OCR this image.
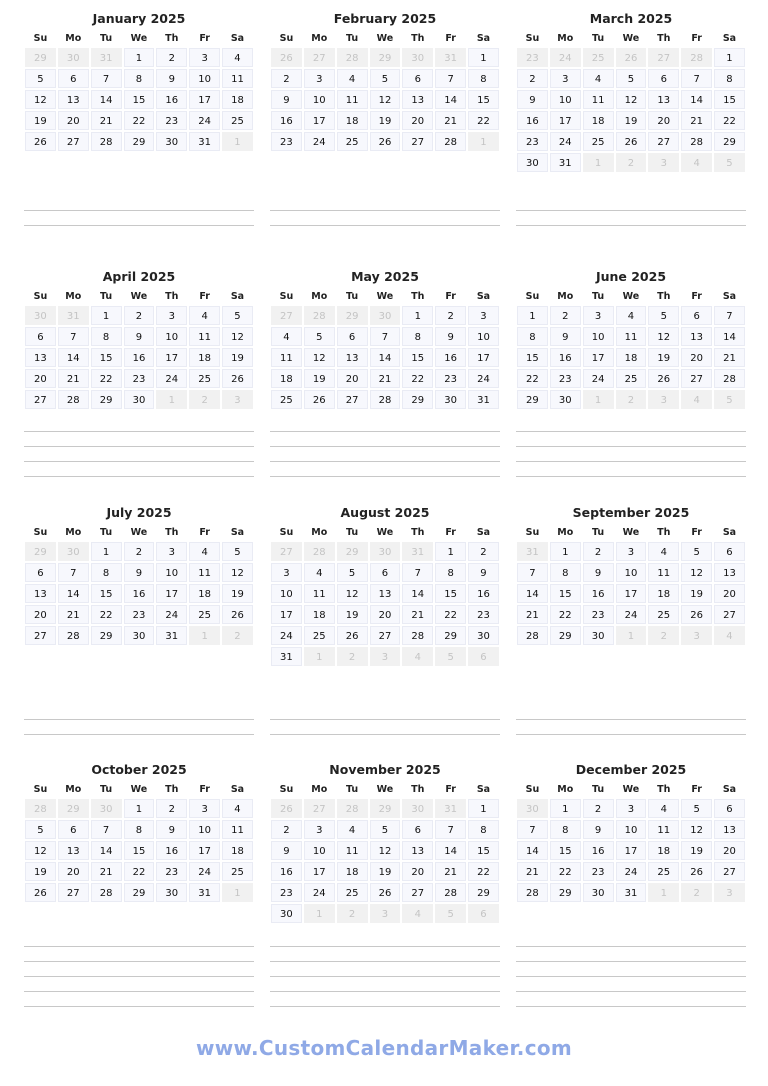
January 2025
Su	Mo	Tu	We	Th	Fr	Sa
29	30	31	1	2	3	4
5	6	7	8	9	10	11
12	13	14	15	16	17	18
19	20	21	22	23	24	25
26	27	28	29	30	31	1
February 2025
Su	Mo	Tu	We	Th	Fr	Sa
26	27	28	29	30	31	1
2	3	4	5	6	7	8
9	10	11	12	13	14	15
16	17	18	19	20	21	22
23	24	25	26	27	28	1
March 2025
Su	Mo	Tu	We	Th	Fr	Sa
23	24	25	26	27	28	1
2	3	4	5	6	7	8
9	10	11	12	13	14	15
16	17	18	19	20	21	22
23	24	25	26	27	28	29
30	31	1	2	3	4	5
April 2025
Su	Mo	Tu	We	Th	Fr	Sa
30	31	1	2	3	4	5
6	7	8	9	10	11	12
13	14	15	16	17	18	19
20	21	22	23	24	25	26
27	28	29	30	1	2	3
May 2025
Su	Mo	Tu	We	Th	Fr	Sa
27	28	29	30	1	2	3
4	5	6	7	8	9	10
11	12	13	14	15	16	17
18	19	20	21	22	23	24
25	26	27	28	29	30	31
June 2025
Su	Mo	Tu	We	Th	Fr	Sa
1	2	3	4	5	6	7
8	9	10	11	12	13	14
15	16	17	18	19	20	21
22	23	24	25	26	27	28
29	30	1	2	3	4	5
July 2025
Su	Mo	Tu	We	Th	Fr	Sa
29	30	1	2	3	4	5
6	7	8	9	10	11	12
13	14	15	16	17	18	19
20	21	22	23	24	25	26
27	28	29	30	31	1	2
August 2025
Su	Mo	Tu	We	Th	Fr	Sa
27	28	29	30	31	1	2
3	4	5	6	7	8	9
10	11	12	13	14	15	16
17	18	19	20	21	22	23
24	25	26	27	28	29	30
31	1	2	3	4	5	6
September 2025
Su	Mo	Tu	We	Th	Fr	Sa
31	1	2	3	4	5	6
7	8	9	10	11	12	13
14	15	16	17	18	19	20
21	22	23	24	25	26	27
28	29	30	1	2	3	4
October 2025
Su	Mo	Tu	We	Th	Fr	Sa
28	29	30	1	2	3	4
5	6	7	8	9	10	11
12	13	14	15	16	17	18
19	20	21	22	23	24	25
26	27	28	29	30	31	1
November 2025
Su	Mo	Tu	We	Th	Fr	Sa
26	27	28	29	30	31	1
2	3	4	5	6	7	8
9	10	11	12	13	14	15
16	17	18	19	20	21	22
23	24	25	26	27	28	29
30	1	2	3	4	5	6
December 2025
Su	Mo	Tu	We	Th	Fr	Sa
30	1	2	3	4	5	6
7	8	9	10	11	12	13
14	15	16	17	18	19	20
21	22	23	24	25	26	27
28	29	30	31	1	2	3
www.CustomCalendarMaker.com
